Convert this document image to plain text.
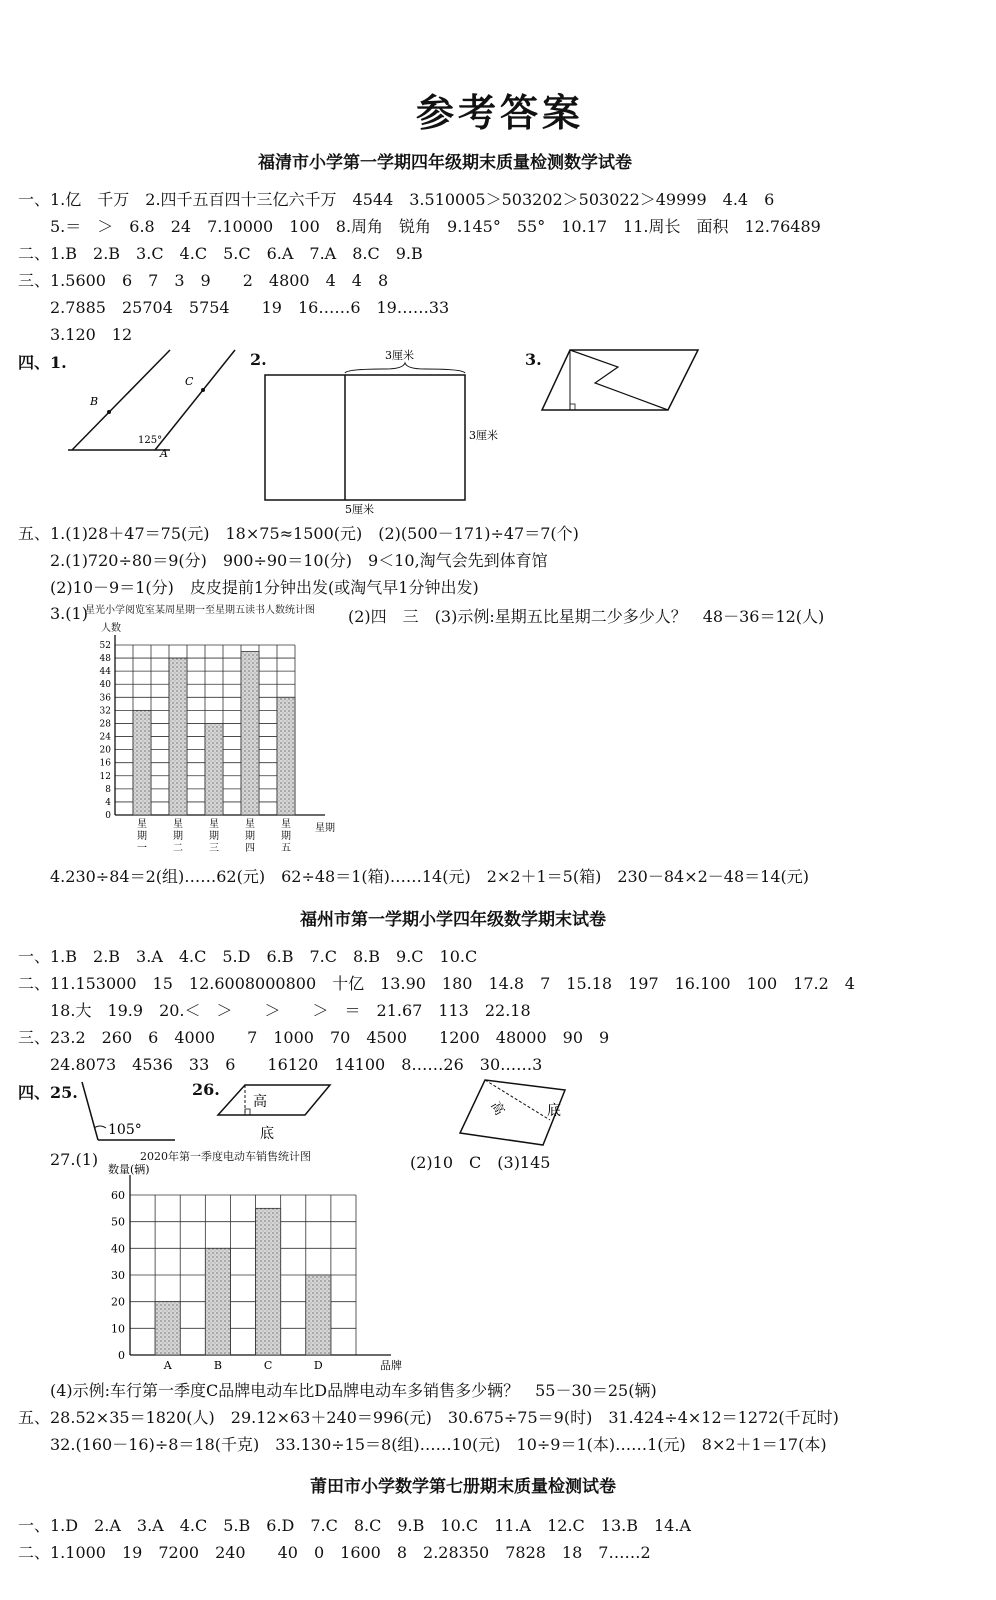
参考答案
福清市小学第一学期四年级期末质量检测数学试卷
一、1.亿　千万　2.四千五百四十三亿六千万　4544　3.510005＞503202＞503022＞49999　4.4　6
5.＝　＞　6.8　24　7.10000　100　8.周角　锐角　9.145°　55°　10.17　11.周长　面积　12.76489
二、1.B　2.B　3.C　4.C　5.C　6.A　7.A　8.C　9.B
三、1.5600　6　7　3　9　　2　4800　4　4　8
2.7885　25704　5754　　19　16……6　19……33
3.120　12
四、1.
B
C
A
125°
2.	3厘米
3厘米
5厘米
3.
五、1.(1)28＋47＝75(元)　18×75≈1500(元)　(2)(500－171)÷47＝7(个)
2.(1)720÷80＝9(分)　900÷90＝10(分)　9＜10,淘气会先到体育馆
(2)10－9＝1(分)　皮皮提前1分钟出发(或淘气早1分钟出发)
3.(1)	(2)四　三　(3)示例:星期五比星期二少多少人？　48－36＝12(人)
星光小学阅览室某周星期一至星期五读书人数统计图
0
4
8
12
16
20
24
28
32
36
40
44
48
52
人数
星期
星
期
一
星
期
二
星
期
三
星
期
四
星
期
五
4.230÷84＝2(组)……62(元)　62÷48＝1(箱)……14(元)　2×2＋1＝5(箱)　230－84×2－48＝14(元)
福州市第一学期小学四年级数学期末试卷
一、1.B　2.B　3.A　4.C　5.D　6.B　7.C　8.B　9.C　10.C
二、11.153000　15　12.6008000800　十亿　13.90　180　14.8　7　15.18　197　16.100　100　17.2　4
18.大　19.9　20.＜　＞　　＞　　＞　＝　21.67　113　22.18
三、23.2　260　6　4000　　7　1000　70　4500　　1200　48000　90　9
24.8073　4536　33　6　　16120　14100　8……26　30……3
四、25.
105°
26.
高
底
高	底
27.(1)	2020年第一季度电动车销售统计图	(2)10　C　(3)145
0
10
20
30
40
50
60
数量(辆)
品牌
A	B	C	D
(4)示例:车行第一季度C品牌电动车比D品牌电动车多销售多少辆？　55－30＝25(辆)
五、28.52×35＝1820(人)　29.12×63＋240＝996(元)　30.675÷75＝9(时)　31.424÷4×12＝1272(千瓦时)
32.(160－16)÷8＝18(千克)　33.130÷15＝8(组)……10(元)　10÷9＝1(本)……1(元)　8×2＋1＝17(本)
莆田市小学数学第七册期末质量检测试卷
一、1.D　2.A　3.A　4.C　5.B　6.D　7.C　8.C　9.B　10.C　11.A　12.C　13.B　14.A
二、1.1000　19　7200　240　　40　0　1600　8　2.28350　7828　18　7……2
